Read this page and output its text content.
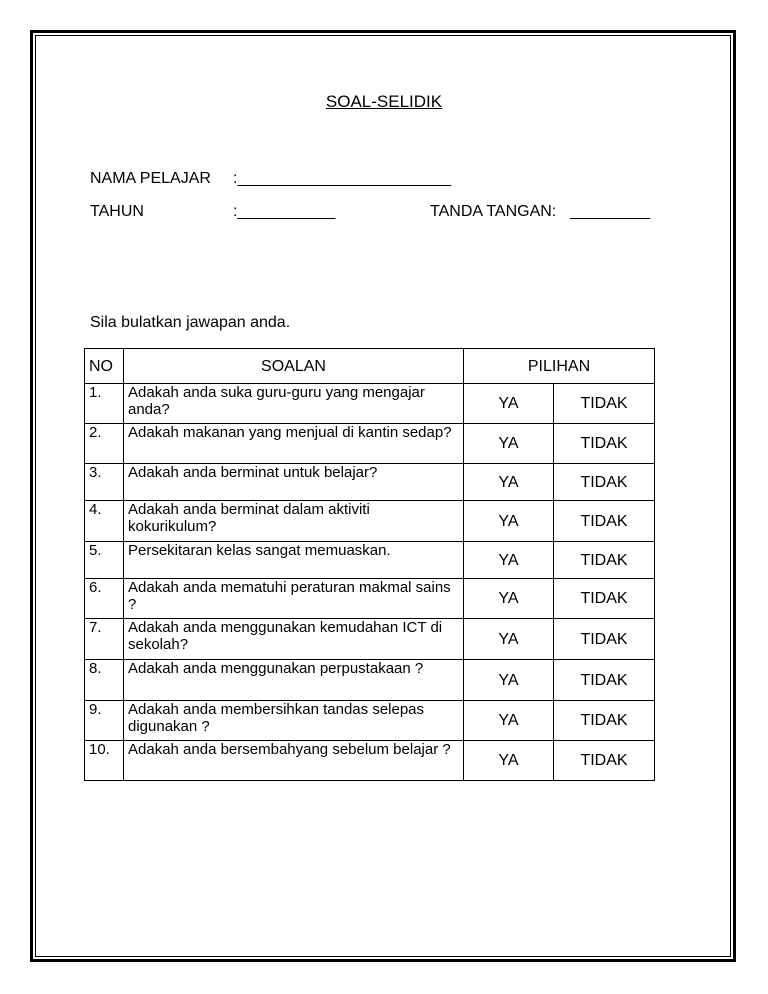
SOAL-SELIDIK
NAMA PELAJAR :________________________
TAHUN	:___________	TANDA TANGAN: _________
Sila bulatkan jawapan anda.
NO	SOALAN	PILIHAN	
1.	Adakah anda suka guru-guru yang mengajar anda?	YA	TIDAK
2.	Adakah makanan yang menjual di kantin sedap?	YA	TIDAK
3.	Adakah anda berminat untuk belajar?	YA	TIDAK
4.	Adakah anda berminat dalam aktiviti kokurikulum?	YA	TIDAK
5.	Persekitaran kelas sangat memuaskan.	YA	TIDAK
6.	Adakah anda mematuhi peraturan makmal sains ?	YA	TIDAK
7.	Adakah anda menggunakan kemudahan ICT di sekolah?	YA	TIDAK
8.	Adakah anda menggunakan perpustakaan ?	YA	TIDAK
9.	Adakah anda membersihkan tandas selepas digunakan ?	YA	TIDAK
10.	Adakah anda bersembahyang sebelum belajar ?	YA	TIDAK
